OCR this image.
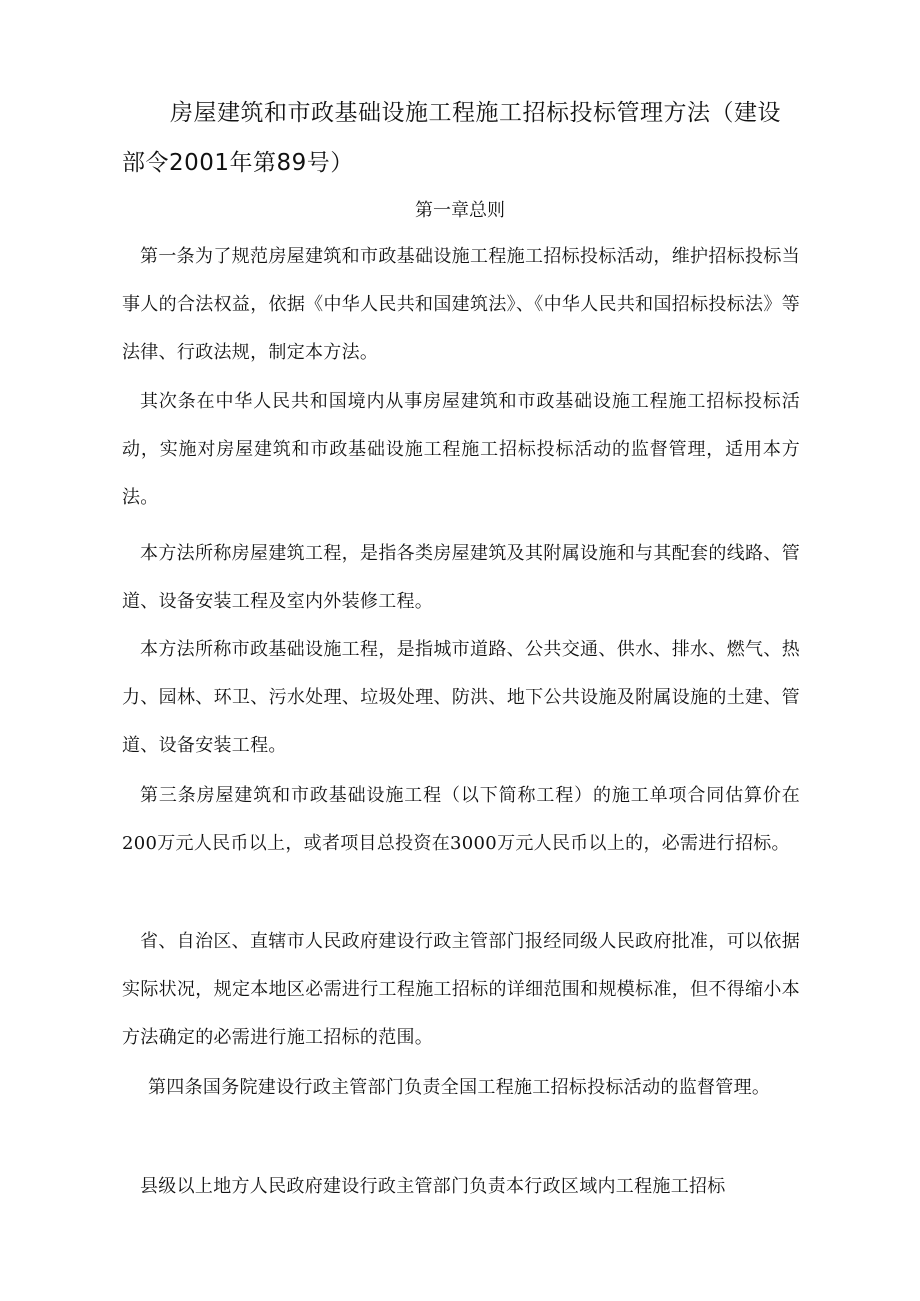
房屋建筑和市政基础设施工程施工招标投标管理方法（建设部令2001年第89号）
第一章总则
第一条为了规范房屋建筑和市政基础设施工程施工招标投标活动，维护招标投标当事人的合法权益，依据《中华人民共和国建筑法》、《中华人民共和国招标投标法》等法律、行政法规，制定本方法。
其次条在中华人民共和国境内从事房屋建筑和市政基础设施工程施工招标投标活动，实施对房屋建筑和市政基础设施工程施工招标投标活动的监督管理，适用本方法。
本方法所称房屋建筑工程，是指各类房屋建筑及其附属设施和与其配套的线路、管道、设备安装工程及室内外装修工程。
本方法所称市政基础设施工程，是指城市道路、公共交通、供水、排水、燃气、热力、园林、环卫、污水处理、垃圾处理、防洪、地下公共设施及附属设施的土建、管道、设备安装工程。
第三条房屋建筑和市政基础设施工程（以下简称工程）的施工单项合同估算价在200万元人民币以上，或者项目总投资在3000万元人民币以上的，必需进行招标。
省、自治区、直辖市人民政府建设行政主管部门报经同级人民政府批准，可以依据实际状况，规定本地区必需进行工程施工招标的详细范围和规模标准，但不得缩小本方法确定的必需进行施工招标的范围。
第四条国务院建设行政主管部门负责全国工程施工招标投标活动的监督管理。
县级以上地方人民政府建设行政主管部门负责本行政区域内工程施工招标
